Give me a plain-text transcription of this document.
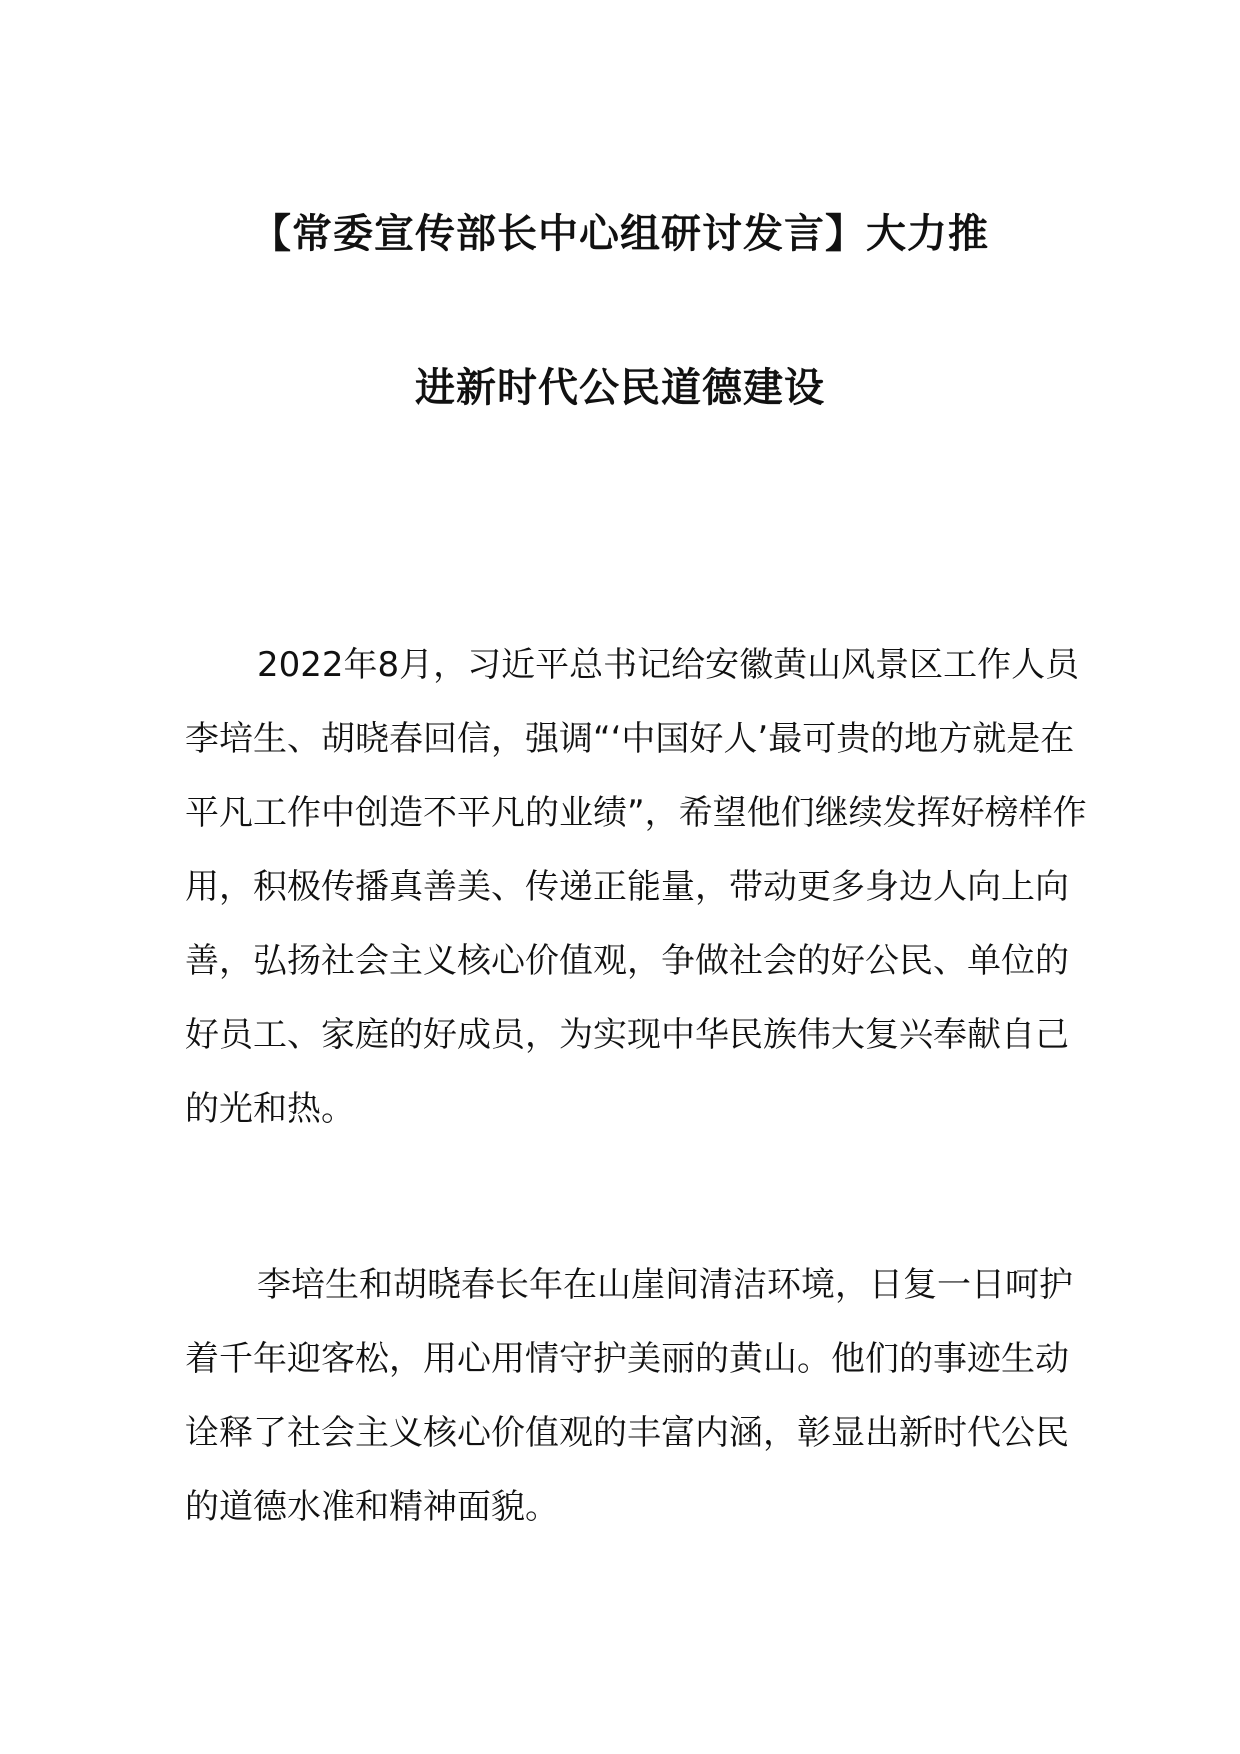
【常委宣传部长中心组研讨发言】大力推
进新时代公民道德建设

2022年8月，习近平总书记给安徽黄山风景区工作人员李培生、胡晓春回信，强调“‘中国好人’最可贵的地方就是在平凡工作中创造不平凡的业绩”，希望他们继续发挥好榜样作用，积极传播真善美、传递正能量，带动更多身边人向上向善，弘扬社会主义核心价值观，争做社会的好公民、单位的好员工、家庭的好成员，为实现中华民族伟大复兴奉献自己的光和热。

李培生和胡晓春长年在山崖间清洁环境，日复一日呵护着千年迎客松，用心用情守护美丽的黄山。他们的事迹生动诠释了社会主义核心价值观的丰富内涵，彰显出新时代公民的道德水准和精神面貌。
